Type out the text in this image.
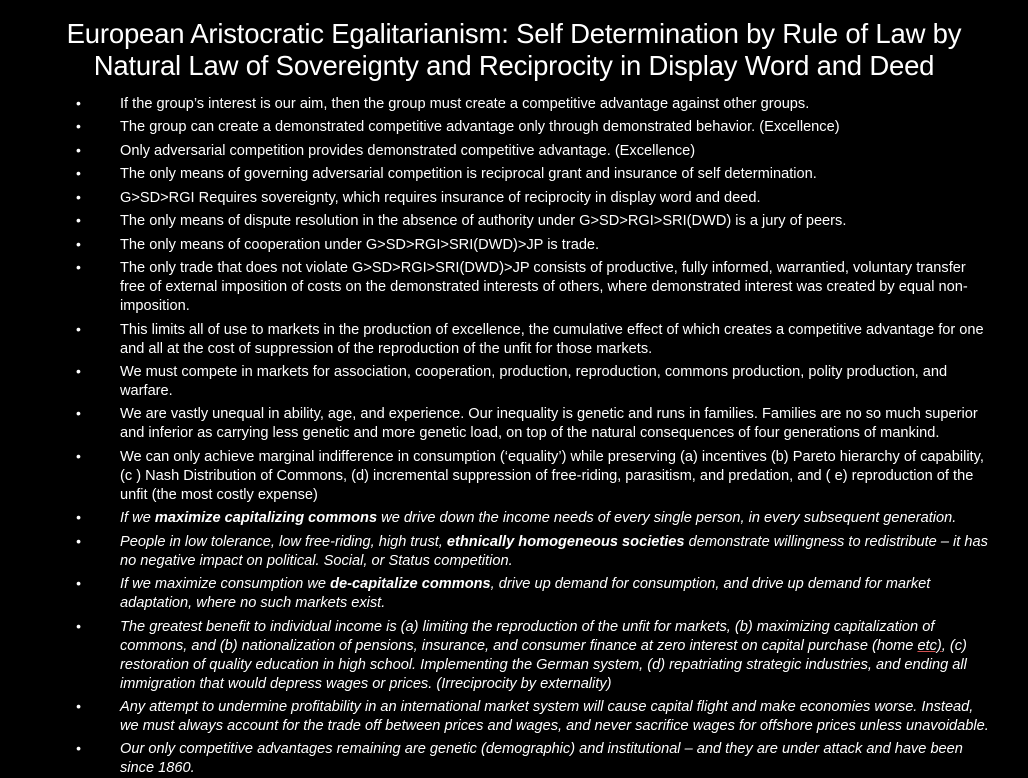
European Aristocratic Egalitarianism: Self Determination by Rule of Law by Natural Law of Sovereignty and Reciprocity in Display Word and Deed
• If the group’s interest is our aim, then the group must create a competitive advantage against other groups.
• The group can create a demonstrated competitive advantage only through demonstrated behavior. (Excellence)
• Only adversarial competition provides demonstrated competitive advantage. (Excellence)
• The only means of governing adversarial competition is reciprocal grant and insurance of self determination.
• G>SD>RGI Requires sovereignty, which requires insurance of reciprocity in display word and deed.
• The only means of dispute resolution in the absence of authority under G>SD>RGI>SRI(DWD) is a jury of peers.
• The only means of cooperation under G>SD>RGI>SRI(DWD)>JP is trade.
• The only trade that does not violate G>SD>RGI>SRI(DWD)>JP consists of productive, fully informed, warrantied, voluntary transfer free of external imposition of costs on the demonstrated interests of others, where demonstrated interest was created by equal non-imposition.
• This limits all of use to markets in the production of excellence, the cumulative effect of which creates a competitive advantage for one and all at the cost of suppression of the reproduction of the unfit for those markets.
• We must compete in markets for association, cooperation, production, reproduction, commons production, polity production, and warfare.
• We are vastly unequal in ability, age, and experience. Our inequality is genetic and runs in families. Families are no so much superior and inferior as carrying less genetic and more genetic load, on top of the natural consequences of four generations of mankind.
• We can only achieve marginal indifference in consumption (‘equality’) while preserving (a) incentives (b) Pareto hierarchy of capability, (c ) Nash Distribution of Commons, (d) incremental suppression of free-riding, parasitism, and predation, and ( e) reproduction of the unfit (the most costly expense)
• If we maximize capitalizing commons we drive down the income needs of every single person, in every subsequent generation.
• People in low tolerance, low free-riding, high trust, ethnically homogeneous societies demonstrate willingness to redistribute – it has no negative impact on political. Social, or Status competition.
• If we maximize consumption we de-capitalize commons, drive up demand for consumption, and drive up demand for market adaptation, where no such markets exist.
• The greatest benefit to individual income is (a) limiting the reproduction of the unfit for markets, (b) maximizing capitalization of commons, and (b) nationalization of pensions, insurance, and consumer finance at zero interest on capital purchase (home etc), (c) restoration of quality education in high school. Implementing the German system, (d) repatriating strategic industries, and ending all immigration that would depress wages or prices. (Irreciprocity by externality)
• Any attempt to undermine profitability in an international market system will cause capital flight and make economies worse. Instead, we must always account for the trade off between prices and wages, and never sacrifice wages for offshore prices unless unavoidable.
• Our only competitive advantages remaining are genetic (demographic) and institutional – and they are under attack and have been since 1860.
